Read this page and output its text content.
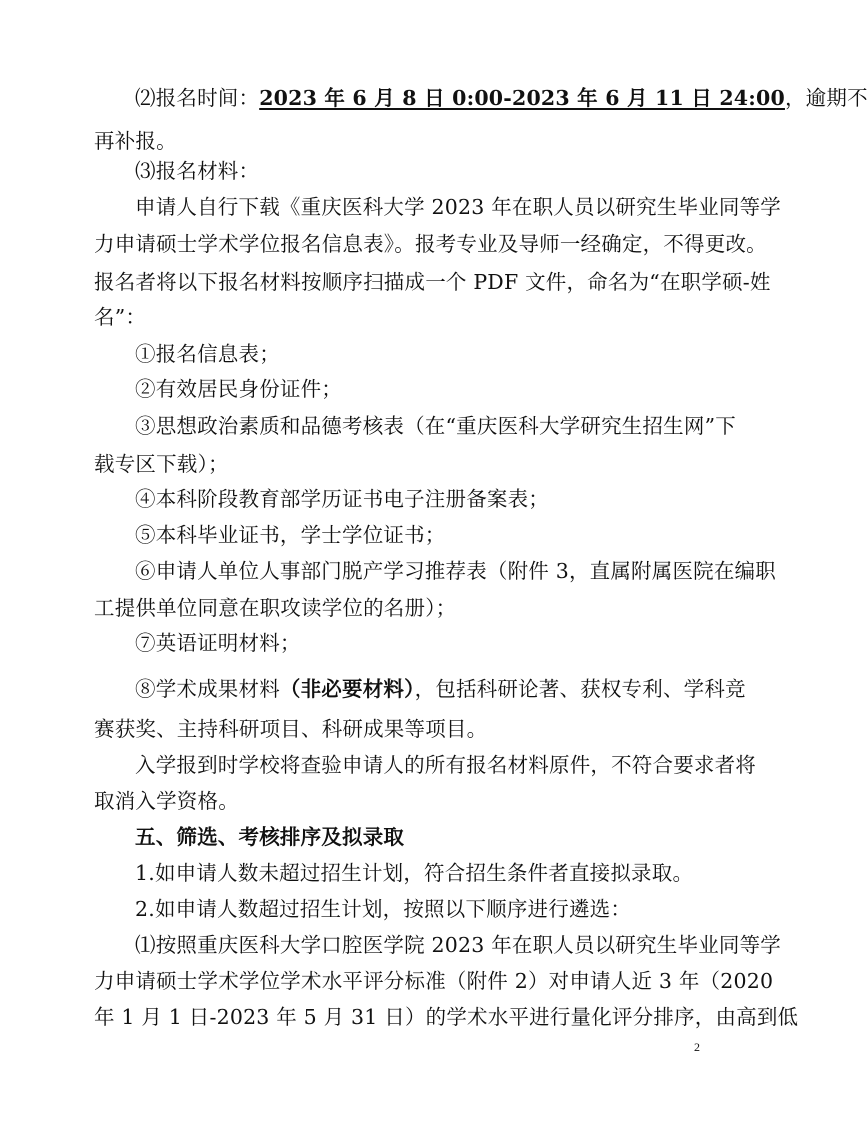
⑵报名时间：2023 年 6 月 8 日 0:00-2023 年 6 月 11 日 24:00，逾期不
再补报。
⑶报名材料：
申请人自行下载《重庆医科大学 2023 年在职人员以研究生毕业同等学
力申请硕士学术学位报名信息表》。报考专业及导师一经确定，不得更改。
报名者将以下报名材料按顺序扫描成一个 PDF 文件，命名为“在职学硕-姓
名”：
①报名信息表；
②有效居民身份证件；
③思想政治素质和品德考核表（在“重庆医科大学研究生招生网”下
载专区下载）；
④本科阶段教育部学历证书电子注册备案表；
⑤本科毕业证书，学士学位证书；
⑥申请人单位人事部门脱产学习推荐表（附件 3，直属附属医院在编职
工提供单位同意在职攻读学位的名册）；
⑦英语证明材料；
⑧学术成果材料（非必要材料），包括科研论著、获权专利、学科竞
赛获奖、主持科研项目、科研成果等项目。
入学报到时学校将查验申请人的所有报名材料原件，不符合要求者将
取消入学资格。
五、筛选、考核排序及拟录取
1.如申请人数未超过招生计划，符合招生条件者直接拟录取。
2.如申请人数超过招生计划，按照以下顺序进行遴选：
⑴按照重庆医科大学口腔医学院 2023 年在职人员以研究生毕业同等学
力申请硕士学术学位学术水平评分标准（附件 2）对申请人近 3 年（2020
年 1 月 1 日-2023 年 5 月 31 日）的学术水平进行量化评分排序，由高到低
2
